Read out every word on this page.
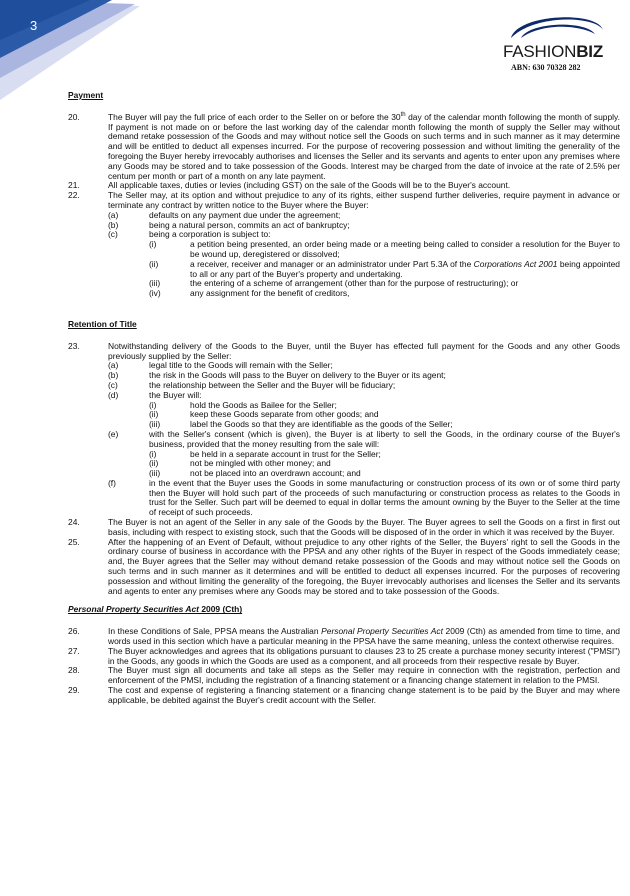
3
FASHIONBIZ
ABN: 630 70328 282

Payment

20.	The Buyer will pay the full price of each order to the Seller on or before the 30th day of the calendar month following the month of supply. If payment is not made on or before the last working day of the calendar month following the month of supply the Seller may without demand retake possession of the Goods and may without notice sell the Goods on such terms and in such manner as it may determine and will be entitled to deduct all expenses incurred. For the purpose of recovering possession and without limiting the generality of the foregoing the Buyer hereby irrevocably authorises and licenses the Seller and its servants and agents to enter upon any premises where any Goods may be stored and to take possession of the Goods. Interest may be charged from the date of invoice at the rate of 2.5% per centum per month or part of a month on any late payment.
21.	All applicable taxes, duties or levies (including GST) on the sale of the Goods will be to the Buyer's account.
22.	The Seller may, at its option and without prejudice to any of its rights, either suspend further deliveries, require payment in advance or terminate any contract by written notice to the Buyer where the Buyer:
(a)	defaults on any payment due under the agreement;
(b)	being a natural person, commits an act of bankruptcy;
(c)	being a corporation is subject to:
(i)	a petition being presented, an order being made or a meeting being called to consider a resolution for the Buyer to be wound up, deregistered or dissolved;
(ii)	a receiver, receiver and manager or an administrator under Part 5.3A of the Corporations Act 2001 being appointed to all or any part of the Buyer's property and undertaking.
(iii)	the entering of a scheme of arrangement (other than for the purpose of restructuring); or
(iv)	any assignment for the benefit of creditors,

Retention of Title

23.	Notwithstanding delivery of the Goods to the Buyer, until the Buyer has effected full payment for the Goods and any other Goods previously supplied by the Seller:
(a)	legal title to the Goods will remain with the Seller;
(b)	the risk in the Goods will pass to the Buyer on delivery to the Buyer or its agent;
(c)	the relationship between the Seller and the Buyer will be fiduciary;
(d)	the Buyer will:
(i)	hold the Goods as Bailee for the Seller;
(ii)	keep these Goods separate from other goods; and
(iii)	label the Goods so that they are identifiable as the goods of the Seller;
(e)	with the Seller's consent (which is given), the Buyer is at liberty to sell the Goods, in the ordinary course of the Buyer's business, provided that the money resulting from the sale will:
(i)	be held in a separate account in trust for the Seller;
(ii)	not be mingled with other money; and
(iii)	not be placed into an overdrawn account; and
(f)	in the event that the Buyer uses the Goods in some manufacturing or construction process of its own or of some third party then the Buyer will hold such part of the proceeds of such manufacturing or construction process as relates to the Goods in trust for the Seller. Such part will be deemed to equal in dollar terms the amount owning by the Buyer to the Seller at the time of receipt of such proceeds.
24.	The Buyer is not an agent of the Seller in any sale of the Goods by the Buyer. The Buyer agrees to sell the Goods on a first in first out basis, including with respect to existing stock, such that the Goods will be disposed of in the order in which it was received by the Buyer.
25.	After the happening of an Event of Default, without prejudice to any other rights of the Seller, the Buyers' right to sell the Goods in the ordinary course of business in accordance with the PPSA and any other rights of the Buyer in respect of the Goods immediately cease; and, the Buyer agrees that the Seller may without demand retake possession of the Goods and may without notice sell the Goods on such terms and in such manner as it determines and will be entitled to deduct all expenses incurred. For the purposes of recovering possession and without limiting the generality of the foregoing, the Buyer irrevocably authorises and licenses the Seller and its servants and agents to enter any premises where any Goods may be stored and to take possession of the Goods.

Personal Property Securities Act 2009 (Cth)

26.	In these Conditions of Sale, PPSA means the Australian Personal Property Securities Act 2009 (Cth) as amended from time to time, and words used in this section which have a particular meaning in the PPSA have the same meaning, unless the context otherwise requires.
27.	The Buyer acknowledges and agrees that its obligations pursuant to clauses 23 to 25 create a purchase money security interest ("PMSI") in the Goods, any goods in which the Goods are used as a component, and all proceeds from their respective resale by Buyer.
28.	The Buyer must sign all documents and take all steps as the Seller may require in connection with the registration, perfection and enforcement of the PMSI, including the registration of a financing statement or a financing change statement in relation to the PMSI.
29.	The cost and expense of registering a financing statement or a financing change statement is to be paid by the Buyer and may where applicable, be debited against the Buyer's credit account with the Seller.
